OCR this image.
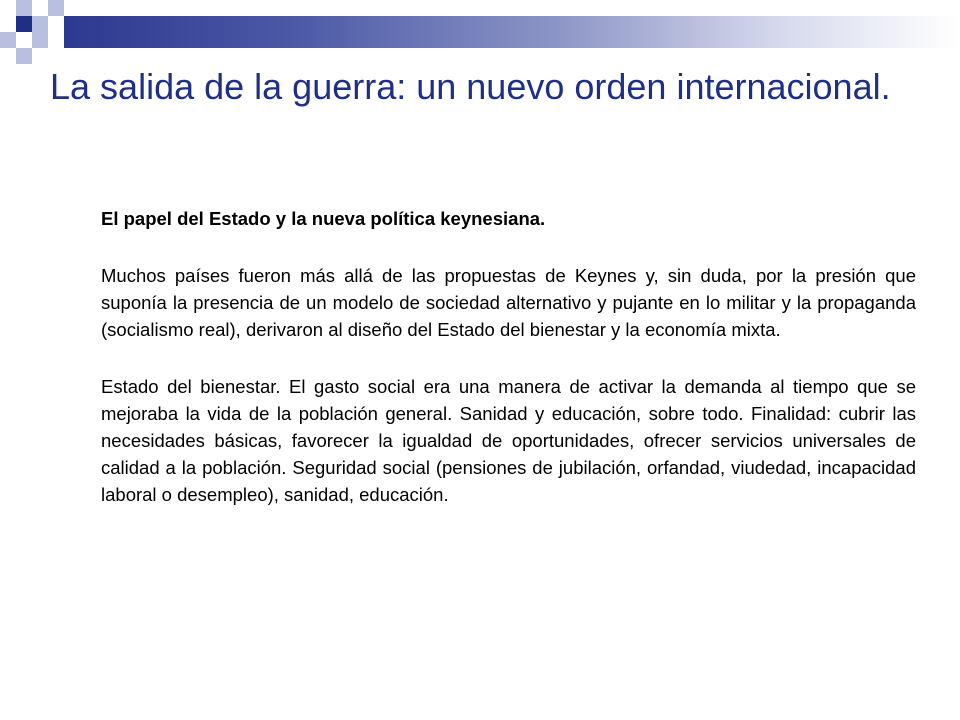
La salida de la guerra: un nuevo orden internacional.

El papel del Estado y la nueva política keynesiana.

Muchos países fueron más allá de las propuestas de Keynes y, sin duda, por la presión que suponía la presencia de un modelo de sociedad alternativo y pujante en lo militar y la propaganda (socialismo real), derivaron al diseño del Estado del bienestar y la economía mixta.

Estado del bienestar. El gasto social era una manera de activar la demanda al tiempo que se mejoraba la vida de la población general. Sanidad y educación, sobre todo. Finalidad: cubrir las necesidades básicas, favorecer la igualdad de oportunidades, ofrecer servicios universales de calidad a la población. Seguridad social (pensiones de jubilación, orfandad, viudedad, incapacidad laboral o desempleo), sanidad, educación.
